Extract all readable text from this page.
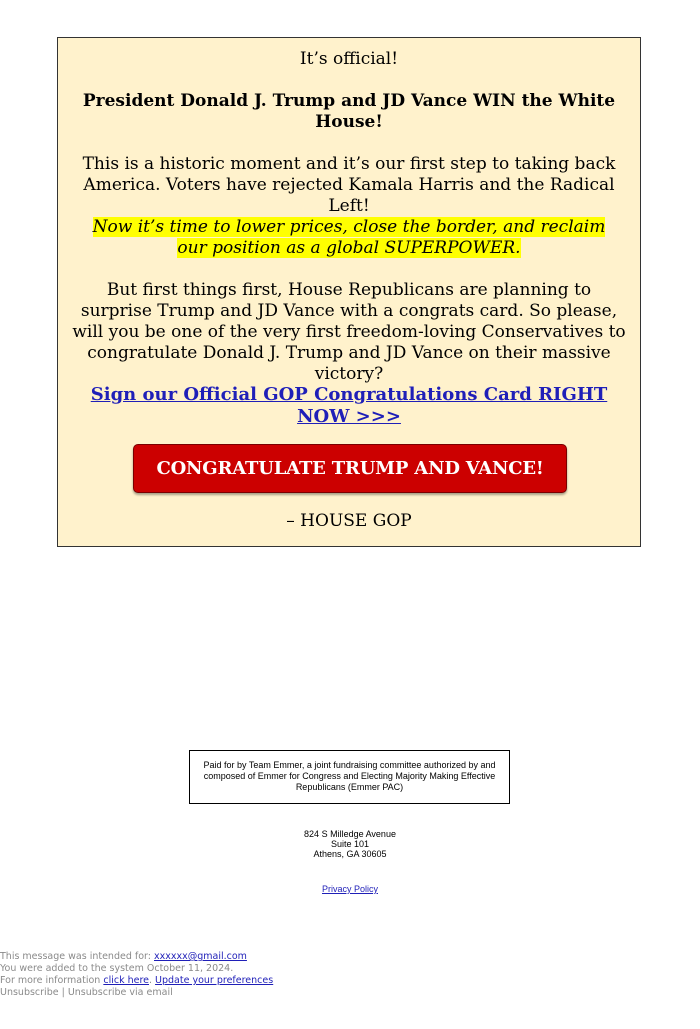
It’s official!

President Donald J. Trump and JD Vance WIN the White House!

This is a historic moment and it’s our first step to taking back America. Voters have rejected Kamala Harris and the Radical Left!

Now it’s time to lower prices, close the border, and reclaim our position as a global SUPERPOWER.

But first things first, House Republicans are planning to surprise Trump and JD Vance with a congrats card. So please, will you be one of the very first freedom-loving Conservatives to congratulate Donald J. Trump and JD Vance on their massive victory?

Sign our Official GOP Congratulations Card RIGHT NOW >>>

CONGRATULATE TRUMP AND VANCE!

– HOUSE GOP

Paid for by Team Emmer, a joint fundraising committee authorized by and composed of Emmer for Congress and Electing Majority Making Effective Republicans (Emmer PAC)
824 S Milledge Avenue
Suite 101
Athens, GA 30605
Privacy Policy
This message was intended for: xxxxxx@gmail.com
You were added to the system October 11, 2024.
For more information click here. Update your preferences
Unsubscribe | Unsubscribe via email
